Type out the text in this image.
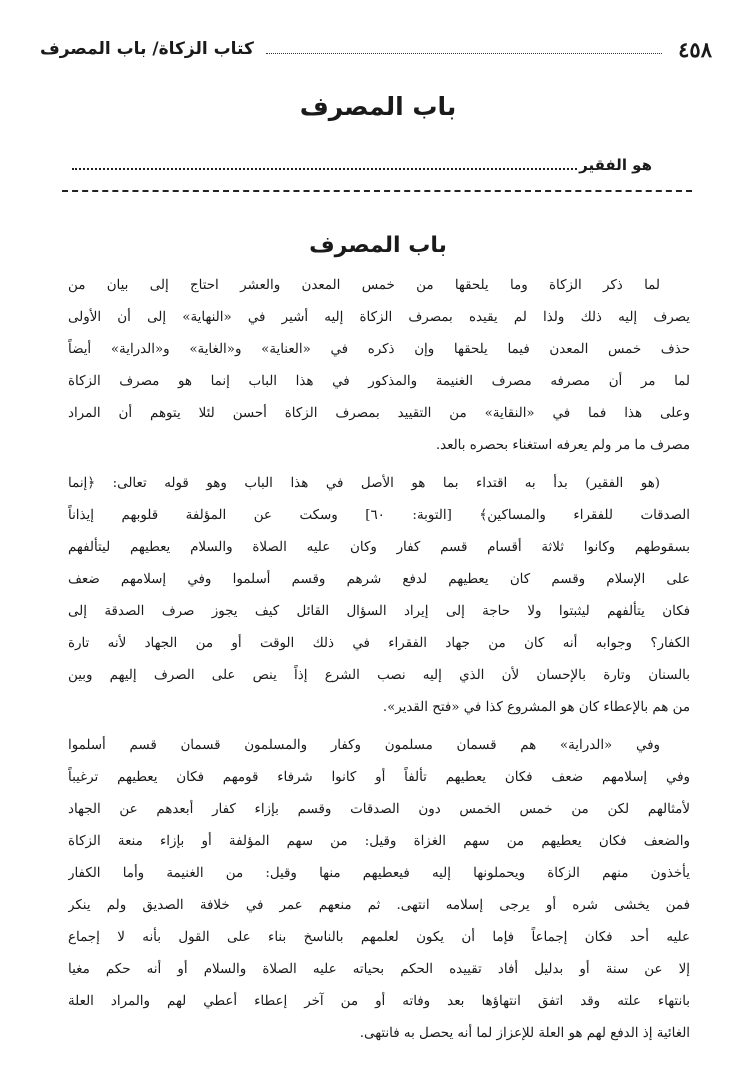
٤٥٨
كتاب الزكاة/ باب المصرف
باب المصرف
هو الفقير
باب المصرف
لما ذكر الزكاة وما يلحقها من خمس المعدن والعشر احتاج إلى بيان من
يصرف إليه ذلك ولذا لم يقيده بمصرف الزكاة إليه أشير في «النهاية» إلى أن الأولى
حذف خمس المعدن فيما يلحقها وإن ذكره في «العناية» و«الغاية» و«الدراية» أيضاً
لما مر أن مصرفه مصرف الغنيمة والمذكور في هذا الباب إنما هو مصرف الزكاة
وعلى هذا فما في «النقاية» من التقييد بمصرف الزكاة أحسن لئلا يتوهم أن المراد
مصرف ما مر ولم يعرفه استغناء بحصره بالعد.
(هو الفقير) بدأ به اقتداء بما هو الأصل في هذا الباب وهو قوله تعالى: ﴿إنما
الصدقات للفقراء والمساكين﴾ [التوبة: ٦٠] وسكت عن المؤلفة قلوبهم إيذاناً
بسقوطهم وكانوا ثلاثة أقسام قسم كفار وكان عليه الصلاة والسلام يعطيهم ليتألفهم
على الإسلام وقسم كان يعطيهم لدفع شرهم وقسم أسلموا وفي إسلامهم ضعف
فكان يتألفهم ليثبتوا ولا حاجة إلى إيراد السؤال القائل كيف يجوز صرف الصدقة إلى
الكفار؟ وجوابه أنه كان من جهاد الفقراء في ذلك الوقت أو من الجهاد لأنه تارة
بالسنان وتارة بالإحسان لأن الذي إليه نصب الشرع إذاً ينص على الصرف إليهم وبين
من هم بالإعطاء كان هو المشروع كذا في «فتح القدير».
وفي «الدراية» هم قسمان مسلمون وكفار والمسلمون قسمان قسم أسلموا
وفي إسلامهم ضعف فكان يعطيهم تألفاً أو كانوا شرفاء قومهم فكان يعطيهم ترغيباً
لأمثالهم لكن من خمس الخمس دون الصدقات وقسم بإزاء كفار أبعدهم عن الجهاد
والضعف فكان يعطيهم من سهم الغزاة وقيل: من سهم المؤلفة أو بإزاء منعة الزكاة
يأخذون منهم الزكاة ويحملونها إليه فيعطيهم منها وقيل: من الغنيمة وأما الكفار
فمن يخشى شره أو يرجى إسلامه انتهى. ثم منعهم عمر في خلافة الصديق ولم ينكر
عليه أحد فكان إجماعاً فإما أن يكون لعلمهم بالناسخ بناء على القول بأنه لا إجماع
إلا عن سنة أو بدليل أفاد تقييده الحكم بحياته عليه الصلاة والسلام أو أنه حكم مغيا
بانتهاء علته وقد اتفق انتهاؤها بعد وفاته أو من آخر إعطاء أعطي لهم والمراد العلة
الغائية إذ الدفع لهم هو العلة للإعزاز لما أنه يحصل به فانتهى.
